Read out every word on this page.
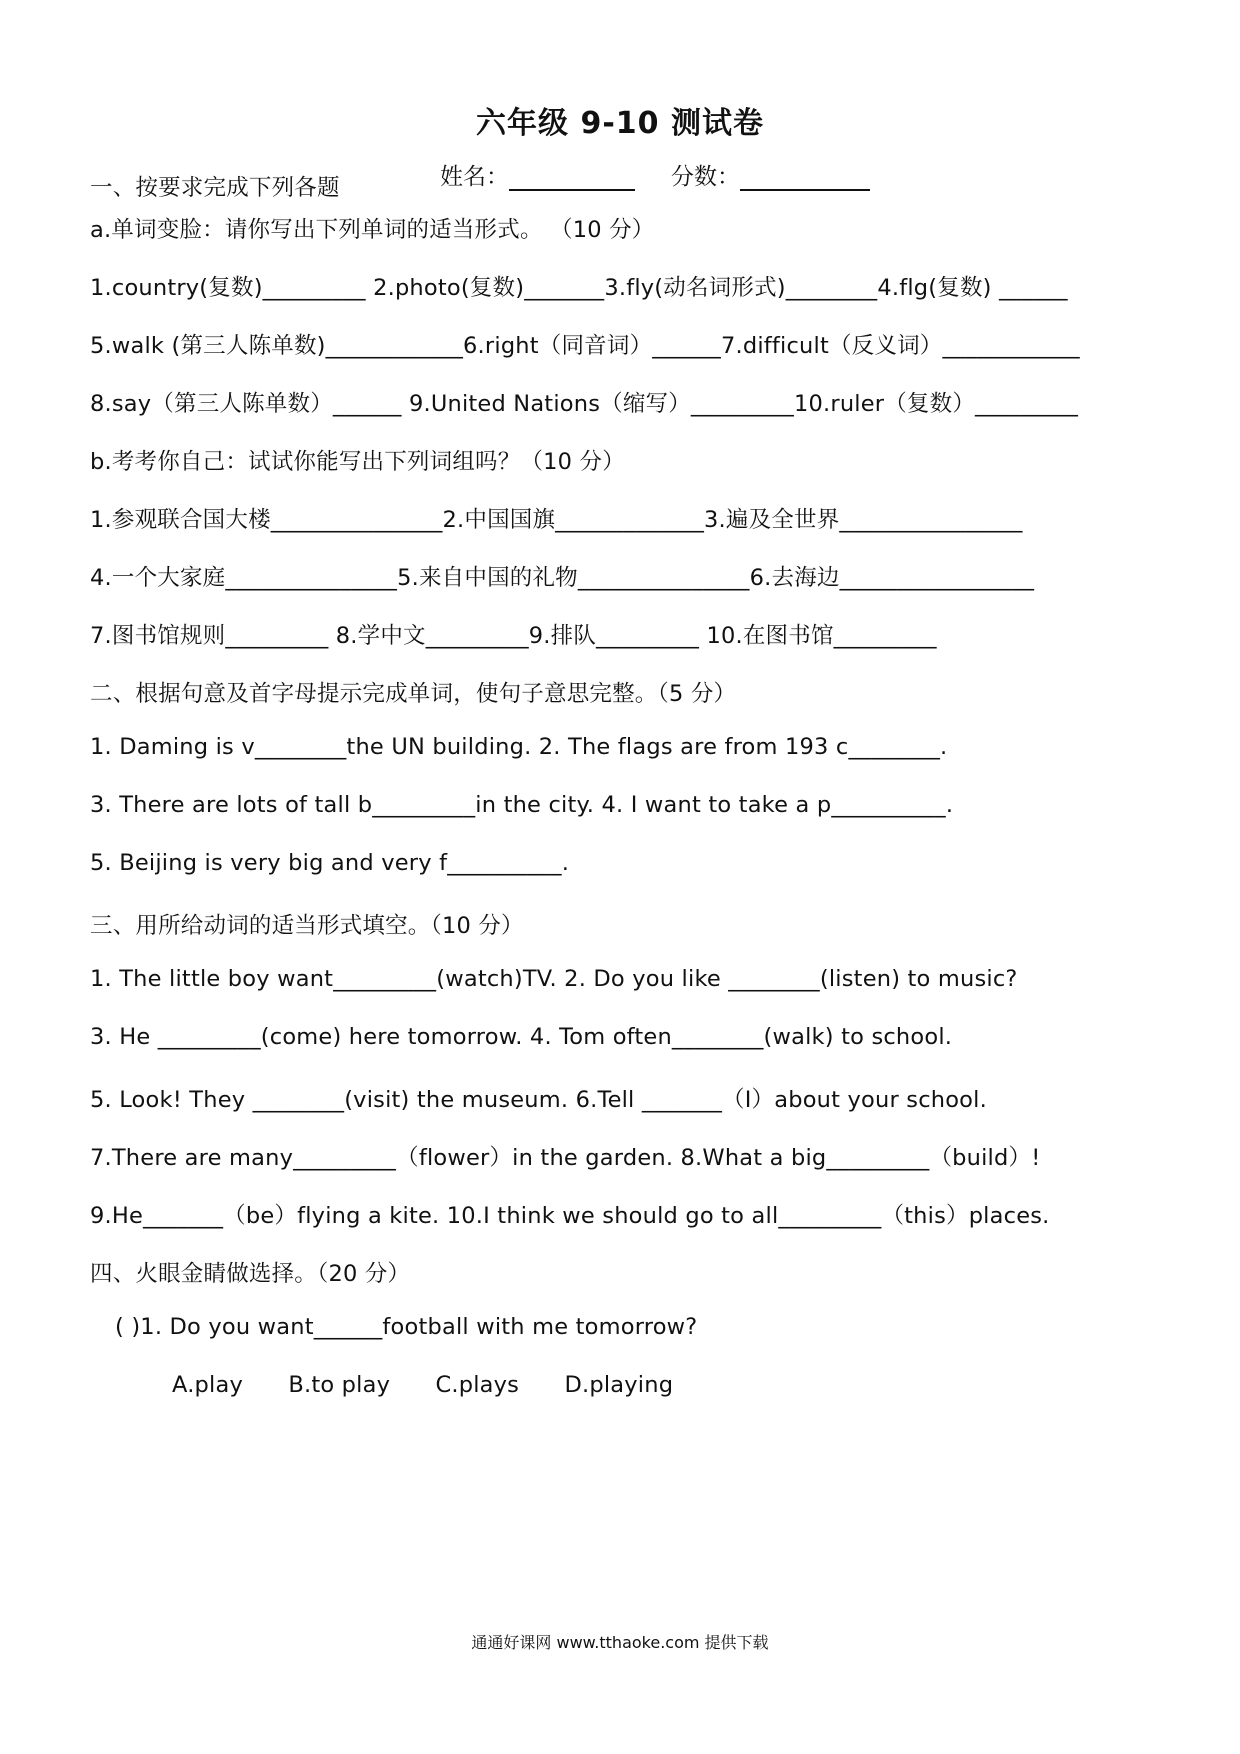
六年级 9-10 测试卷
姓名：	分数：
一、按要求完成下列各题
a.单词变脸：请你写出下列单词的适当形式。 （10 分）
1.country(复数)_________ 2.photo(复数)_______3.fly(动名词形式)________4.flg(复数) ______
5.walk (第三人陈单数)____________6.right（同音词）______7.difficult（反义词）____________
8.say（第三人陈单数）______ 9.United Nations（缩写）_________10.ruler（复数）_________
b.考考你自己：试试你能写出下列词组吗？（10 分）
1.参观联合国大楼_______________2.中国国旗_____________3.遍及全世界________________
4.一个大家庭_______________5.来自中国的礼物_______________6.去海边_________________
7.图书馆规则_________ 8.学中文_________9.排队_________ 10.在图书馆_________
二、根据句意及首字母提示完成单词，使句子意思完整。（5 分）
1. Daming is v________the UN building. 2. The flags are from 193 c________.
3. There are lots of tall b_________in the city. 4. I want to take a p__________.
5. Beijing is very big and very f__________.
三、用所给动词的适当形式填空。（10 分）
1. The little boy want_________(watch)TV. 2. Do you like ________(listen) to music?
3. He _________(come) here tomorrow. 4. Tom often________(walk) to school.
5. Look! They ________(visit) the museum. 6.Tell _______（I）about your school.
7.There are many_________（flower）in the garden. 8.What a big_________（build）!
9.He_______（be）flying a kite. 10.I think we should go to all_________（this）places.
四、火眼金睛做选择。（20 分）
( )1. Do you want______football with me tomorrow?
A.play B.to play C.plays D.playing
通通好课网 www.tthaoke.com 提供下载
